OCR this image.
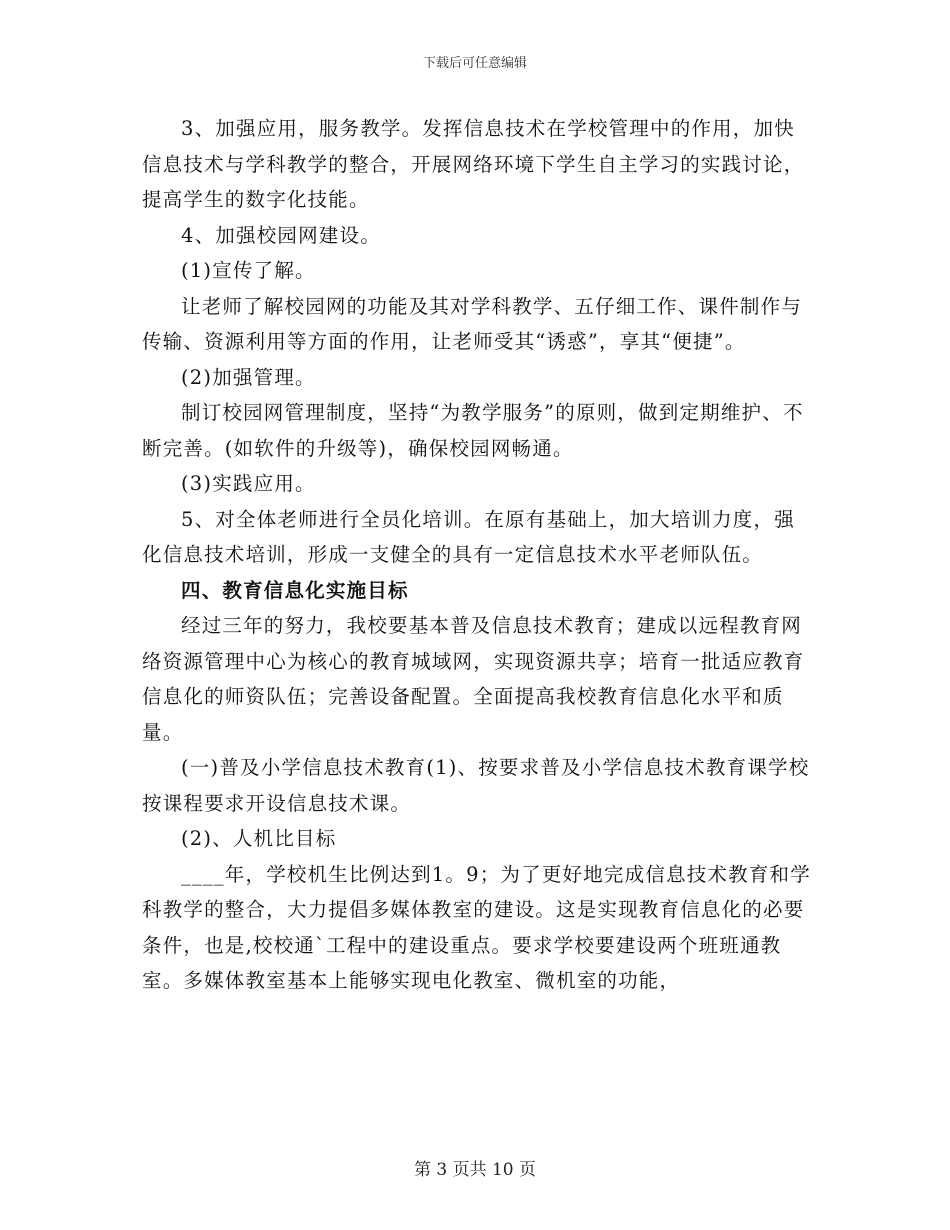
下载后可任意编辑

3、加强应用，服务教学。发挥信息技术在学校管理中的作用，加快信息技术与学科教学的整合，开展网络环境下学生自主学习的实践讨论，提高学生的数字化技能。

4、加强校园网建设。

(1)宣传了解。

让老师了解校园网的功能及其对学科教学、五仔细工作、课件制作与传输、资源利用等方面的作用，让老师受其“诱惑”，享其“便捷”。

(2)加强管理。

制订校园网管理制度，坚持“为教学服务”的原则，做到定期维护、不断完善。(如软件的升级等)，确保校园网畅通。

(3)实践应用。

5、对全体老师进行全员化培训。在原有基础上，加大培训力度，强化信息技术培训，形成一支健全的具有一定信息技术水平老师队伍。

四、教育信息化实施目标

经过三年的努力，我校要基本普及信息技术教育；建成以远程教育网络资源管理中心为核心的教育城域网，实现资源共享；培育一批适应教育信息化的师资队伍；完善设备配置。全面提高我校教育信息化水平和质量。

(一)普及小学信息技术教育(1)、按要求普及小学信息技术教育课学校按课程要求开设信息技术课。

(2)、人机比目标

____年，学校机生比例达到1。9；为了更好地完成信息技术教育和学科教学的整合，大力提倡多媒体教室的建设。这是实现教育信息化的必要条件，也是,校校通`工程中的建设重点。要求学校要建设两个班班通教室。多媒体教室基本上能够实现电化教室、微机室的功能，

第 3 页共 10 页
